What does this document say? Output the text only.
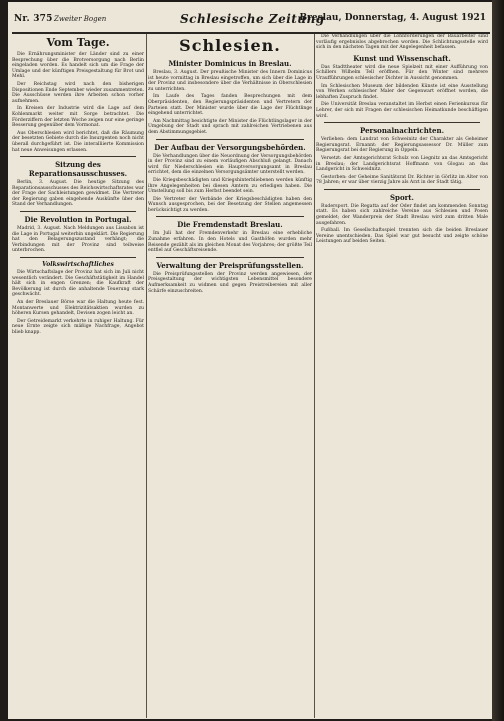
Nr. 375 Zweiter Bogen	Schlesische Zeitung
Breslau, Donnerstag, 4. August 1921
Vom Tage.

Die Ernährungsminister der Länder sind zu einer Besprechung über die Brotversorgung nach Berlin eingeladen worden. Es handelt sich um die Frage der Umlage und der künftigen Preisgestaltung für Brot und Mehl.

Der Reichstag wird nach den bisherigen Dispositionen Ende September wieder zusammentreten. Die Ausschüsse werden ihre Arbeiten schon vorher aufnehmen.

In Kreisen der Industrie wird die Lage auf dem Kohlenmarkt weiter mit Sorge betrachtet. Die Förderziffern der letzten Woche zeigen nur eine geringe Besserung gegenüber dem Vormonat.

Aus Oberschlesien wird berichtet, daß die Räumung der besetzten Gebiete durch die Insurgenten noch nicht überall durchgeführt ist. Die interalliierte Kommission hat neue Anweisungen erlassen.

Sitzung des Reparationsausschusses.

Berlin, 3. August. Die heutige Sitzung des Reparationsausschusses des Reichswirtschaftsrates war der Frage der Sachleistungen gewidmet. Die Vertreter der Regierung gaben eingehende Auskünfte über den Stand der Verhandlungen.

Die Revolution in Portugal.

Madrid, 3. August. Nach Meldungen aus Lissabon ist die Lage in Portugal weiterhin ungeklärt. Die Regierung hat den Belagerungszustand verhängt; die Verbindungen mit der Provinz sind teilweise unterbrochen.

Volkswirtschaftliches

Die Wirtschaftslage der Provinz hat sich im Juli nicht wesentlich verändert. Die Geschäftstätigkeit im Handel hält sich in engen Grenzen; die Kaufkraft der Bevölkerung ist durch die anhaltende Teuerung stark geschwächt.

An der Breslauer Börse war die Haltung heute fest. Montanwerte und Elektrizitätsaktien wurden zu höheren Kursen gehandelt, Devisen zogen leicht an.

Der Getreidemarkt verkehrte in ruhiger Haltung. Für neue Ernte zeigte sich mäßige Nachfrage, Angebot blieb knapp.

Schlesien.
Minister Dominicus in Breslau.

Breslau, 3. August. Der preußische Minister des Innern Dominicus ist heute vormittag in Breslau eingetroffen, um sich über die Lage in der Provinz und insbesondere über die Verhältnisse in Oberschlesien zu unterrichten.

Im Laufe des Tages fanden Besprechungen mit dem Oberpräsidenten, den Regierungspräsidenten und Vertretern der Parteien statt. Der Minister wurde über die Lage der Flüchtlinge eingehend unterrichtet.

Am Nachmittag besichtigte der Minister die Flüchtlingslager in der Umgebung der Stadt und sprach mit zahlreichen Vertriebenen aus dem Abstimmungsgebiet.

Der Aufbau der Versorgungsbehörden.

Die Verhandlungen über die Neuordnung der Versorgungsbehörden in der Provinz sind zu einem vorläufigen Abschluß gelangt. Danach wird für Niederschlesien ein Hauptversorgungsamt in Breslau errichtet, dem die einzelnen Versorgungsämter unterstellt werden.

Die Kriegsbeschädigten und Kriegshinterbliebenen werden künftig ihre Angelegenheiten bei diesen Ämtern zu erledigen haben. Die Umstellung soll bis zum Herbst beendet sein.

Die Vertreter der Verbände der Kriegsbeschädigten haben den Wunsch ausgesprochen, bei der Besetzung der Stellen angemessen berücksichtigt zu werden.

Die Fremdenstadt Breslau.

Im Juli hat der Fremdenverkehr in Breslau eine erhebliche Zunahme erfahren. In den Hotels und Gasthöfen wurden mehr Reisende gezählt als im gleichen Monat des Vorjahres; der größte Teil entfiel auf Geschäftsreisende.

Verwaltung der Preisprüfungsstellen.

Die Preisprüfungsstellen der Provinz werden angewiesen, der Preisgestaltung der wichtigsten Lebensmittel besondere Aufmerksamkeit zu widmen und gegen Preistreibereien mit aller Schärfe einzuschreiten.

Die Verhandlungen über die Lohnforderungen der Bauarbeiter sind vorläufig ergebnislos abgebrochen worden. Die Schlichtungsstelle wird sich in den nächsten Tagen mit der Angelegenheit befassen.

Kunst und Wissenschaft.

Das Stadttheater wird die neue Spielzeit mit einer Aufführung von Schillers Wilhelm Tell eröffnen. Für den Winter sind mehrere Uraufführungen schlesischer Dichter in Aussicht genommen.

Im Schlesischen Museum der bildenden Künste ist eine Ausstellung von Werken schlesischer Maler der Gegenwart eröffnet worden, die lebhaften Zuspruch findet.

Die Universität Breslau veranstaltet im Herbst einen Ferienkursus für Lehrer, der sich mit Fragen der schlesischen Heimatkunde beschäftigen wird.

Personalnachrichten.

Verliehen: dem Landrat von Schweinitz der Charakter als Geheimer Regierungsrat. Ernannt: der Regierungsassessor Dr. Müller zum Regierungsrat bei der Regierung in Oppeln.

Versetzt: der Amtsgerichtsrat Schulz von Liegnitz an das Amtsgericht in Breslau; der Landgerichtsrat Hoffmann von Glogau an das Landgericht in Schweidnitz.

Gestorben: der Geheime Sanitätsrat Dr. Richter in Görlitz im Alter von 78 Jahren; er war über vierzig Jahre als Arzt in der Stadt tätig.

Sport.

Rudersport. Die Regatta auf der Oder findet am kommenden Sonntag statt. Es haben sich zahlreiche Vereine aus Schlesien und Posen gemeldet; der Wanderpreis der Stadt Breslau wird zum dritten Male ausgefahren.

Fußball. Im Gesellschaftsspiel trennten sich die beiden Breslauer Vereine unentschieden. Das Spiel war gut besucht und zeigte schöne Leistungen auf beiden Seiten.
